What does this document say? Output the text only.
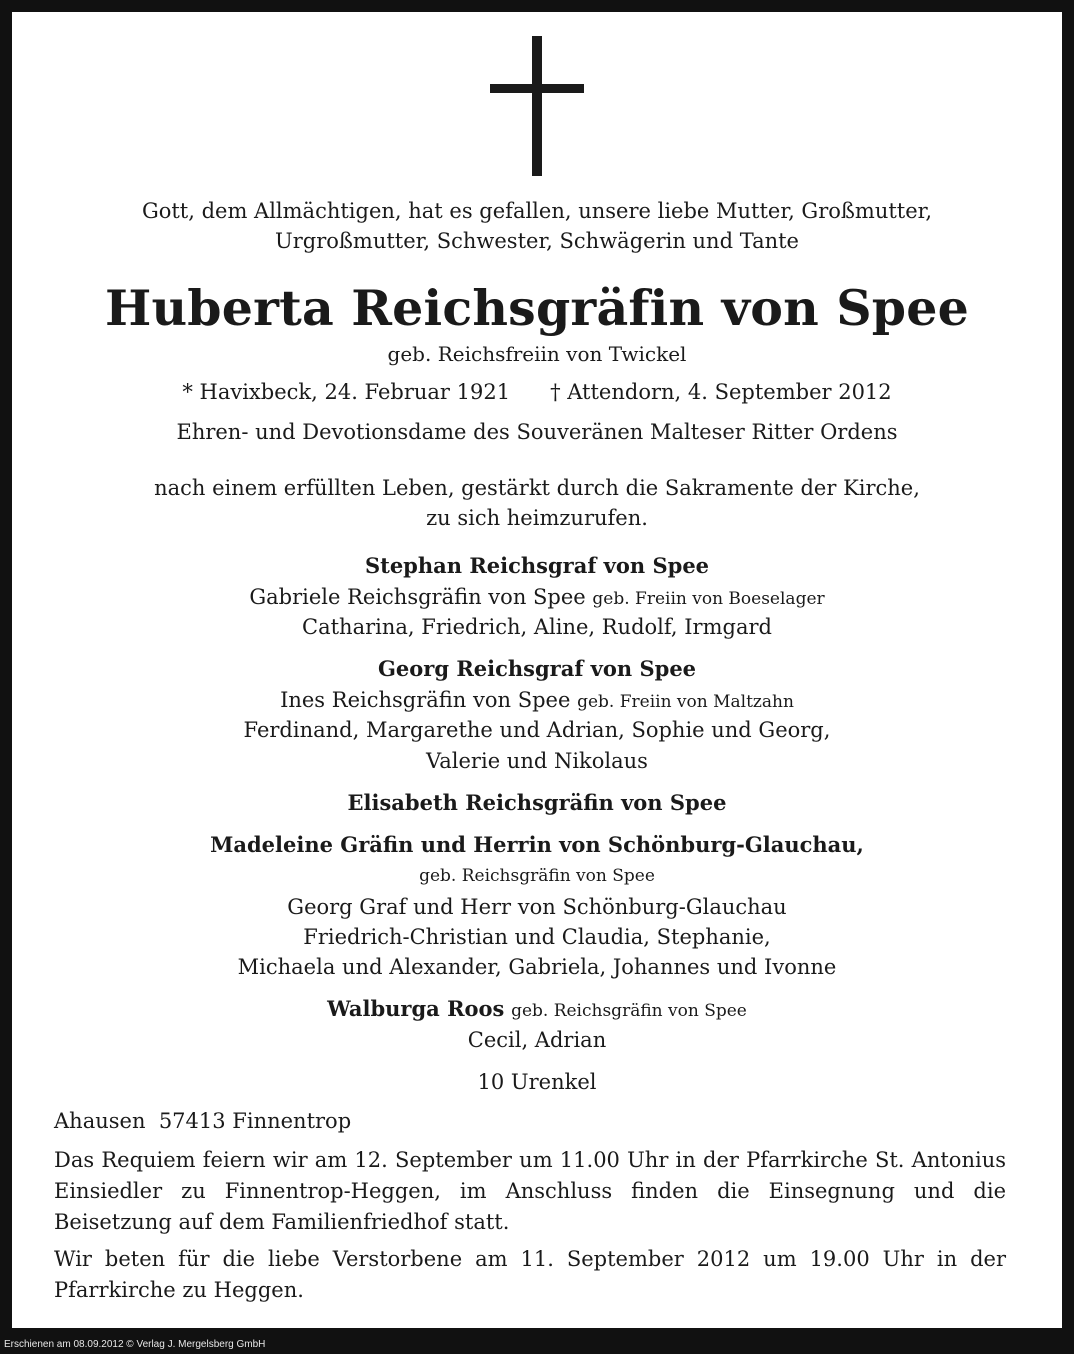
Gott, dem Allmächtigen, hat es gefallen, unsere liebe Mutter, Großmutter,
Urgroßmutter, Schwester, Schwägerin und Tante
Huberta Reichsgräfin von Spee
geb. Reichsfreiin von Twickel
* Havixbeck, 24. Februar 1921 † Attendorn, 4. September 2012
Ehren- und Devotionsdame des Souveränen Malteser Ritter Ordens
nach einem erfüllten Leben, gestärkt durch die Sakramente der Kirche,
zu sich heimzurufen.
Stephan Reichsgraf von Spee
Gabriele Reichsgräfin von Spee geb. Freiin von Boeselager
Catharina, Friedrich, Aline, Rudolf, Irmgard
Georg Reichsgraf von Spee
Ines Reichsgräfin von Spee geb. Freiin von Maltzahn
Ferdinand, Margarethe und Adrian, Sophie und Georg,
Valerie und Nikolaus
Elisabeth Reichsgräfin von Spee
Madeleine Gräfin und Herrin von Schönburg-Glauchau,
geb. Reichsgräfin von Spee
Georg Graf und Herr von Schönburg-Glauchau
Friedrich-Christian und Claudia, Stephanie,
Michaela und Alexander, Gabriela, Johannes und Ivonne
Walburga Roos geb. Reichsgräfin von Spee
Cecil, Adrian
10 Urenkel
Ahausen  57413 Finnentrop
Das Requiem feiern wir am 12. September um 11.00 Uhr in der Pfarrkirche St. Antonius Einsiedler zu Finnentrop-Heggen, im Anschluss finden die Einsegnung und die Beisetzung auf dem Familienfriedhof statt.
Wir beten für die liebe Verstorbene am 11. September 2012 um 19.00 Uhr in der Pfarrkirche zu Heggen.
Erschienen am 08.09.2012 © Verlag J. Mergelsberg GmbH
